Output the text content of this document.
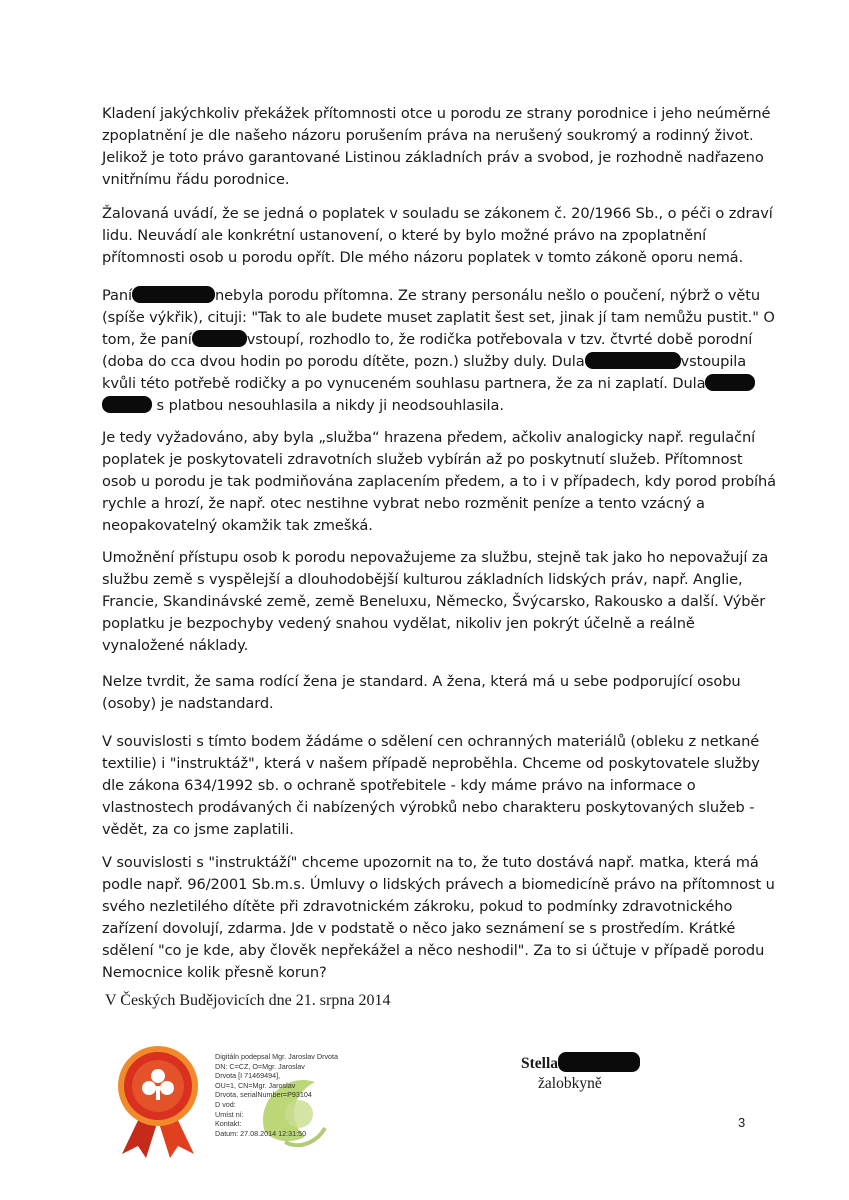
Kladení jakýchkoliv překážek přítomnosti otce u porodu ze strany porodnice i jeho neúměrné zpoplatnění je dle našeho názoru porušením práva na nerušený soukromý a rodinný život. Jelikož je toto právo garantované Listinou základních práv a svobod, je rozhodně nadřazeno vnitřnímu řádu porodnice.

Žalovaná uvádí, že se jedná o poplatek v souladu se zákonem č. 20/1966 Sb., o péči o zdraví lidu. Neuvádí ale konkrétní ustanovení, o které by bylo možné právo na zpoplatnění přítomnosti osob u porodu opřít. Dle mého názoru poplatek v tomto zákoně oporu nemá.

Paní	nebyla porodu přítomna. Ze strany personálu nešlo o poučení, nýbrž o větu (spíše výkřik), cituji: "Tak to ale budete muset zaplatit šest set, jinak jí tam nemůžu pustit." O tom, že paní	vstoupí, rozhodlo to, že rodička potřebovala v tzv. čtvrté době porodní (doba do cca dvou hodin po porodu dítěte, pozn.) služby duly. Dula	vstoupila kvůli této potřebě rodičky a po vynuceném souhlasu partnera, že za ni zaplatí. Dula  s platbou nesouhlasila a nikdy ji neodsouhlasila.

Je tedy vyžadováno, aby byla „služba“ hrazena předem, ačkoliv analogicky např. regulační poplatek je poskytovateli zdravotních služeb vybírán až po poskytnutí služeb. Přítomnost osob u porodu je tak podmiňována zaplacením předem, a to i v případech, kdy porod probíhá rychle a hrozí, že např. otec nestihne vybrat nebo rozměnit peníze a tento vzácný a neopakovatelný okamžik tak zmešká.

Umožnění přístupu osob k porodu nepovažujeme za službu, stejně tak jako ho nepovažují za službu země s vyspělejší a dlouhodobější kulturou základních lidských práv, např. Anglie, Francie, Skandinávské země, země Beneluxu, Německo, Švýcarsko, Rakousko a další. Výběr poplatku je bezpochyby vedený snahou vydělat, nikoliv jen pokrýt účelně a reálně vynaložené náklady.

Nelze tvrdit, že sama rodící žena je standard. A žena, která má u sebe podporující osobu (osoby) je nadstandard.

V souvislosti s tímto bodem žádáme o sdělení cen ochranných materiálů (obleku z netkané textilie) i "instruktáž", která v našem případě neproběhla. Chceme od poskytovatele služby dle zákona 634/1992 sb. o ochraně spotřebitele - kdy máme právo na informace o vlastnostech prodávaných či nabízených výrobků nebo charakteru poskytovaných služeb - vědět, za co jsme zaplatili.

V souvislosti s "instruktáží" chceme upozornit na to, že tuto dostává např. matka, která má podle např. 96/2001 Sb.m.s. Úmluvy o lidských právech a biomedicíně právo na přítomnost u svého nezletilého dítěte při zdravotnickém zákroku, pokud to podmínky zdravotnického zařízení dovolují, zdarma. Jde v podstatě o něco jako seznámení se s prostředím. Krátké sdělení "co je kde, aby člověk nepřekážel a něco neshodil". Za to si účtuje v případě porodu Nemocnice kolik přesně korun?

V Českých Budějovicích dne 21. srpna 2014

Digitáln podepsal Mgr. Jaroslav Drvota
DN: C=CZ, O=Mgr. Jaroslav
Drvota [I 71469494],
OU=1, CN=Mgr. Jaroslav
Drvota, serialNumber=P93104
D vod:
Umíst ní:
Kontakt:
Datum: 27.08.2014 12:31:50
Stella
žalobkyně
3
